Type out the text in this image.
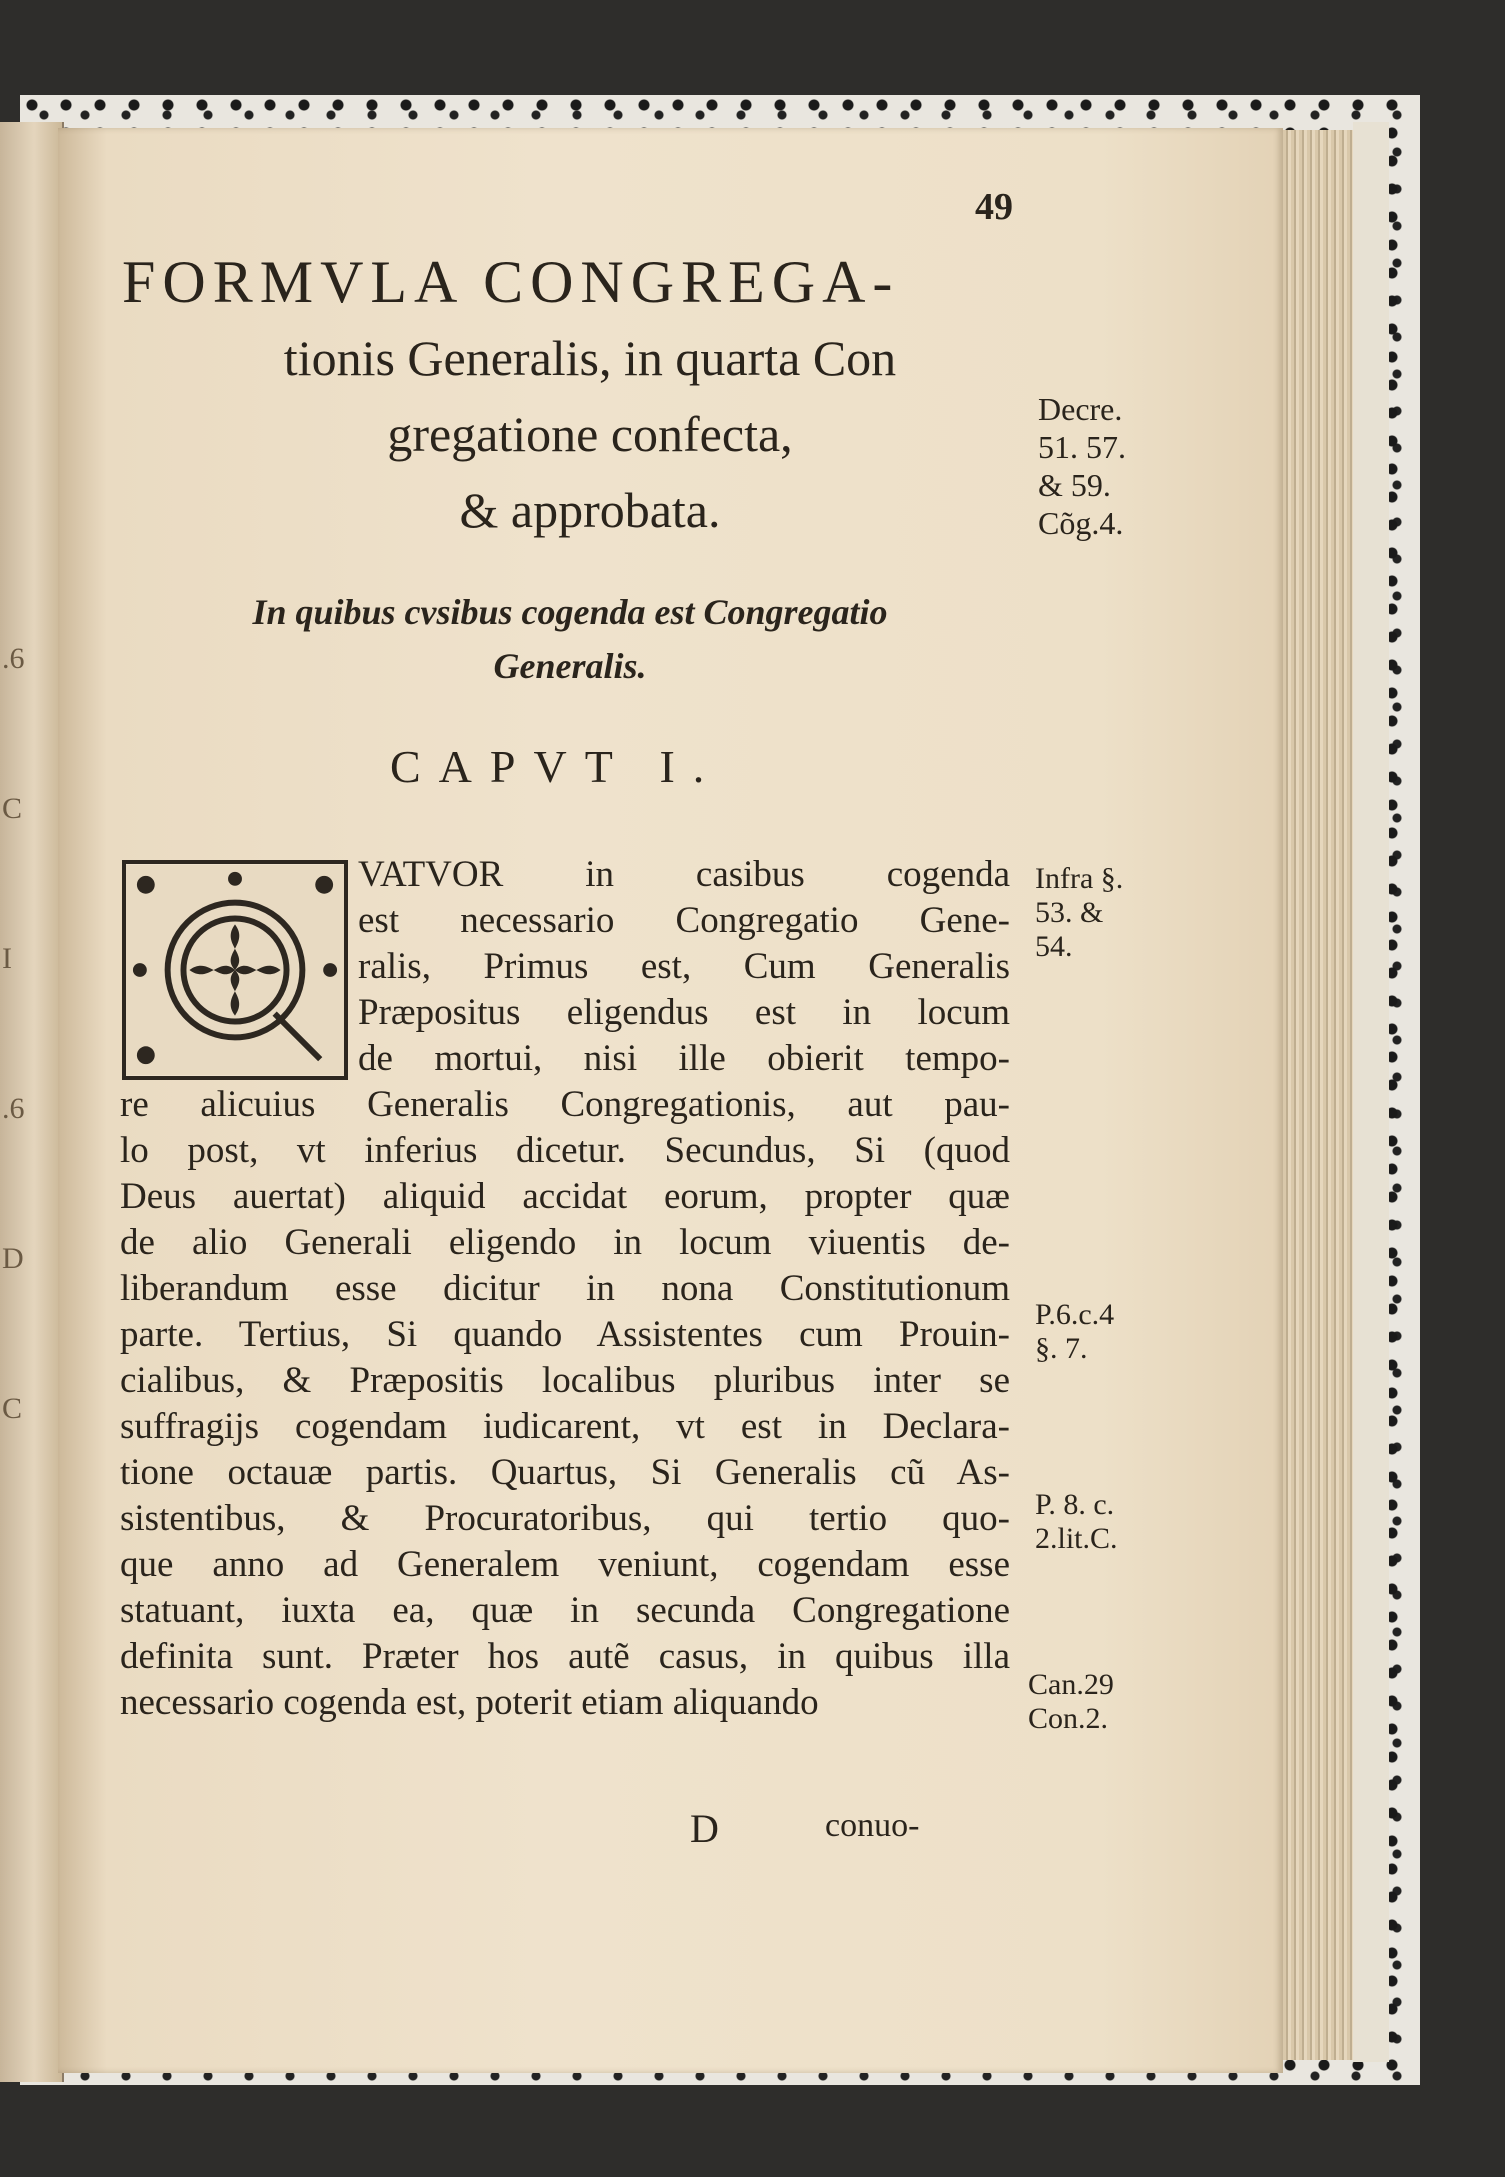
.6
C
I
.6
D
C
49
FORMVLA CONGREGA-
tionis Generalis, in quarta Con
gregatione confecta,
& approbata.
In quibus cvsibus cogenda est Congregatio
Generalis.
CAPVT I.
VATVOR in casibus cogenda
est necessario Congregatio Gene-
ralis, Primus est, Cum Generalis
Præpositus eligendus est in locum
de mortui, nisi ille obierit tempo-
re alicuius Generalis Congregationis, aut pau-
lo post, vt inferius dicetur. Secundus, Si (quod
Deus auertat) aliquid accidat eorum, propter quæ
de alio Generali eligendo in locum viuentis de-
liberandum esse dicitur in nona Constitutionum
parte. Tertius, Si quando Assistentes cum Prouin-
cialibus, & Præpositis localibus pluribus inter se
suffragijs cogendam iudicarent, vt est in Declara-
tione octauæ partis. Quartus, Si Generalis cũ As-
sistentibus, & Procuratoribus, qui tertio quo-
que anno ad Generalem veniunt, cogendam esse
statuant, iuxta ea, quæ in secunda Congregatione
definita sunt. Præter hos autẽ casus, in quibus illa
necessario cogenda est, poterit etiam aliquando
D	conuo-
Decre.
51. 57.
& 59.
Cõg.4.
Infra §.
53. &
54.
P.6.c.4
§. 7.
P. 8. c.
2.lit.C.
Can.29
Con.2.
